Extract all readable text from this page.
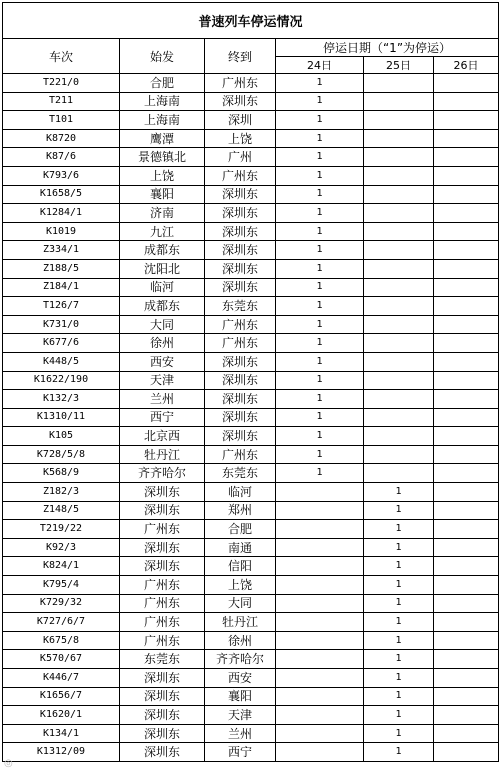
普速列车停运情况					
车次	始发	终到	停运日期（“1”为停运）		
			24日	25日	26日
T221/0	合肥	广州东	1		
T211	上海南	深圳东	1		
T101	上海南	深圳	1		
K8720	鹰潭	上饶	1		
K87/6	景德镇北	广州	1		
K793/6	上饶	广州东	1		
K1658/5	襄阳	深圳东	1		
K1284/1	济南	深圳东	1		
K1019	九江	深圳东	1		
Z334/1	成都东	深圳东	1		
Z188/5	沈阳北	深圳东	1		
Z184/1	临河	深圳东	1		
T126/7	成都东	东莞东	1		
K731/0	大同	广州东	1		
K677/6	徐州	广州东	1		
K448/5	西安	深圳东	1		
K1622/190	天津	深圳东	1		
K132/3	兰州	深圳东	1		
K1310/11	西宁	深圳东	1		
K105	北京西	深圳东	1		
K728/5/8	牡丹江	广州东	1		
K568/9	齐齐哈尔	东莞东	1		
Z182/3	深圳东	临河		1	
Z148/5	深圳东	郑州		1	
T219/22	广州东	合肥		1	
K92/3	深圳东	南通		1	
K824/1	深圳东	信阳		1	
K795/4	广州东	上饶		1	
K729/32	广州东	大同		1	
K727/6/7	广州东	牡丹江		1	
K675/8	广州东	徐州		1	
K570/67	东莞东	齐齐哈尔		1	
K446/7	深圳东	西安		1	
K1656/7	深圳东	襄阳		1	
K1620/1	深圳东	天津		1	
K134/1	深圳东	兰州		1	
K1312/09	深圳东	西宁		1	
◎
